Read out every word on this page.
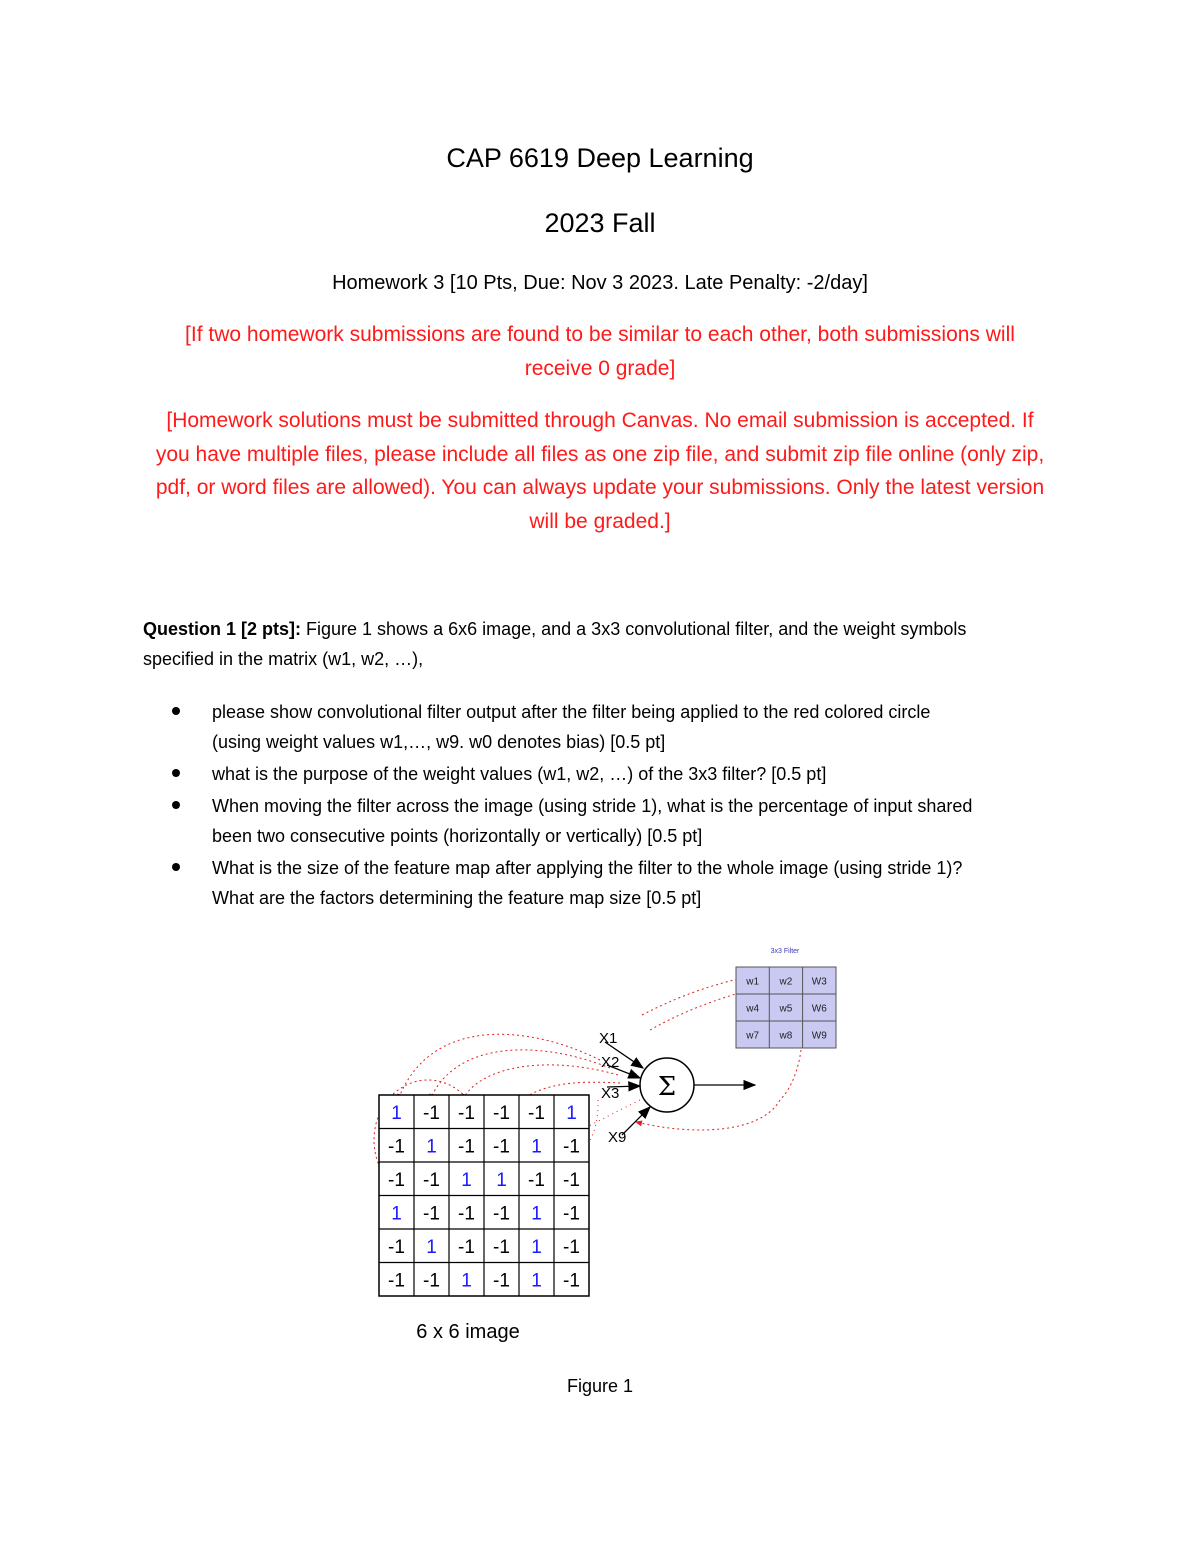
CAP 6619 Deep Learning
2023 Fall
Homework 3 [10 Pts, Due: Nov 3 2023. Late Penalty: -2/day]
[If two homework submissions are found to be similar to each other, both submissions will
receive 0 grade]
[Homework solutions must be submitted through Canvas. No email submission is accepted. If
you have multiple files, please include all files as one zip file, and submit zip file online (only zip,
pdf, or word files are allowed). You can always update your submissions. Only the latest version
will be graded.]
Question 1 [2 pts]: Figure 1 shows a 6x6 image, and a 3x3 convolutional filter, and the weight symbols
specified in the matrix (w1, w2, …),
please show convolutional filter output after the filter being applied to the red colored circle
(using weight values w1,…, w9. w0 denotes bias) [0.5 pt]
what is the purpose of the weight values (w1, w2, …) of the 3x3 filter? [0.5 pt]
When moving the filter across the image (using stride 1), what is the percentage of input shared
been two consecutive points (horizontally or vertically) [0.5 pt]
What is the size of the feature map after applying the filter to the whole image (using stride 1)?
What are the factors determining the feature map size [0.5 pt]
1 -1 -1 -1 -1 1
-1 1 -1 -1 1 -1
-1 -1 1 1 -1 -1
1 -1 -1 -1 1 -1
-1 1 -1 -1 1 -1
-1 -1 1 -1 1 -1
6 x 6 image
Σ
X1
X2
X3
X9
3x3 Filter
w1 w2 W3
w4 w5 W6
w7 w8 W9
Figure 1
